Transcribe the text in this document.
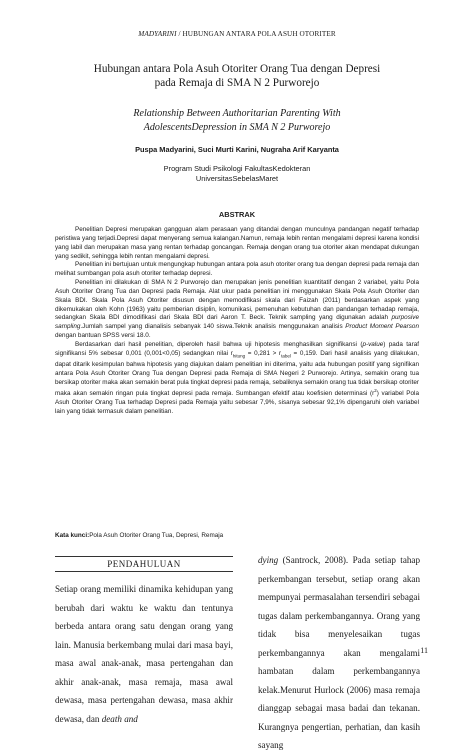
MADYARINI / HUBUNGAN ANTARA POLA ASUH OTORITER
Hubungan antara Pola Asuh Otoriter Orang Tua dengan Depresi
pada Remaja di SMA N 2 Purworejo
Relationship Between Authoritarian Parenting With
AdolescentsDepression in SMA N 2 Purworejo
Puspa Madyarini, Suci Murti Karini, Nugraha Arif Karyanta
Program Studi Psikologi FakultasKedokteran
UniversitasSebelasMaret
ABSTRAK

Penelitian Depresi merupakan gangguan alam perasaan yang ditandai dengan munculnya pandangan negatif terhadap peristiwa yang terjadi.Depresi dapat menyerang semua kalangan.Namun, remaja lebih rentan mengalami depresi karena kondisi yang labil dan merupakan masa yang rentan terhadap goncangan. Remaja dengan orang tua otoriter akan mendapat dukungan yang sedikit, sehingga lebih rentan mengalami depresi.

Penelitian ini bertujuan untuk mengungkap hubungan antara pola asuh otoriter orang tua dengan depresi pada remaja dan melihat sumbangan pola asuh otoriter terhadap depresi.

Penelitian ini dilakukan di SMA N 2 Purworejo dan merupakan jenis penelitian kuantitatif dengan 2 variabel, yaitu Pola Asuh Otoriter Orang Tua dan Depresi pada Remaja. Alat ukur pada penelitian ini menggunakan Skala Pola Asuh Otoriter dan Skala BDI. Skala Pola Asuh Otoriter disusun dengan memodifikasi skala dari Faizah (2011) berdasarkan aspek yang dikemukakan oleh Kohn (1963) yaitu pemberian disiplin, komunikasi, pemenuhan kebutuhan dan pandangan terhadap remaja, sedangkan Skala BDI dimodifikasi dari Skala BDI dari Aaron T. Beck. Teknik sampling yang digunakan adalah purposive sampling.Jumlah sampel yang dianalisis sebanyak 140 siswa.Teknik analisis menggunakan analisis Product Moment Pearson dengan bantuan SPSS versi 18.0.

Berdasarkan dari hasil penelitian, diperoleh hasil bahwa uji hipotesis menghasilkan signifikansi (p-value) pada taraf signifikansi 5% sebesar 0,001 (0,001<0,05) sedangkan nilai $r_{hitung} = 0,281 > r_{tabel} = 0,159$. Dari hasil analisis yang dilakukan, dapat ditarik kesimpulan bahwa hipotesis yang diajukan dalam penelitian ini diterima, yaitu ada hubungan positif yang signifikan antara Pola Asuh Otoriter Orang Tua dengan Depresi pada Remaja di SMA Negeri 2 Purworejo. Artinya, semakin orang tua bersikap otoriter maka akan semakin berat pula tingkat depresi pada remaja, sebaliknya semakin orang tua tidak bersikap otoriter maka akan semakin ringan pula tingkat depresi pada remaja. Sumbangan efektif atau koefisien determinasi $(r^2)$ variabel Pola Asuh Otoriter Orang Tua terhadap Depresi pada Remaja yaitu sebesar 7,9%, sisanya sebesar 92,1% dipengaruhi oleh variabel lain yang tidak termasuk dalam penelitian.

Kata kunci:Pola Asuh Otoriter Orang Tua, Depresi, Remaja
PENDAHULUAN

Setiap orang memiliki dinamika kehidupan yang berubah dari waktu ke waktu dan tentunya berbeda antara orang satu dengan orang yang lain. Manusia berkembang mulai dari masa bayi, masa awal anak-anak, masa pertengahan dan akhir anak-anak, masa remaja, masa awal dewasa, masa pertengahan dewasa, masa akhir dewasa, dan death and

dying (Santrock, 2008). Pada setiap tahap perkembangan tersebut, setiap orang akan mempunyai permasalahan tersendiri sebagai tugas dalam perkembangannya. Orang yang tidak bisa menyelesaikan tugas perkembangannya akan mengalami hambatan dalam perkembangannya kelak.Menurut Hurlock (2006) masa remaja dianggap sebagai masa badai dan tekanan. Kurangnya pengertian, perhatian, dan kasih sayang

11
